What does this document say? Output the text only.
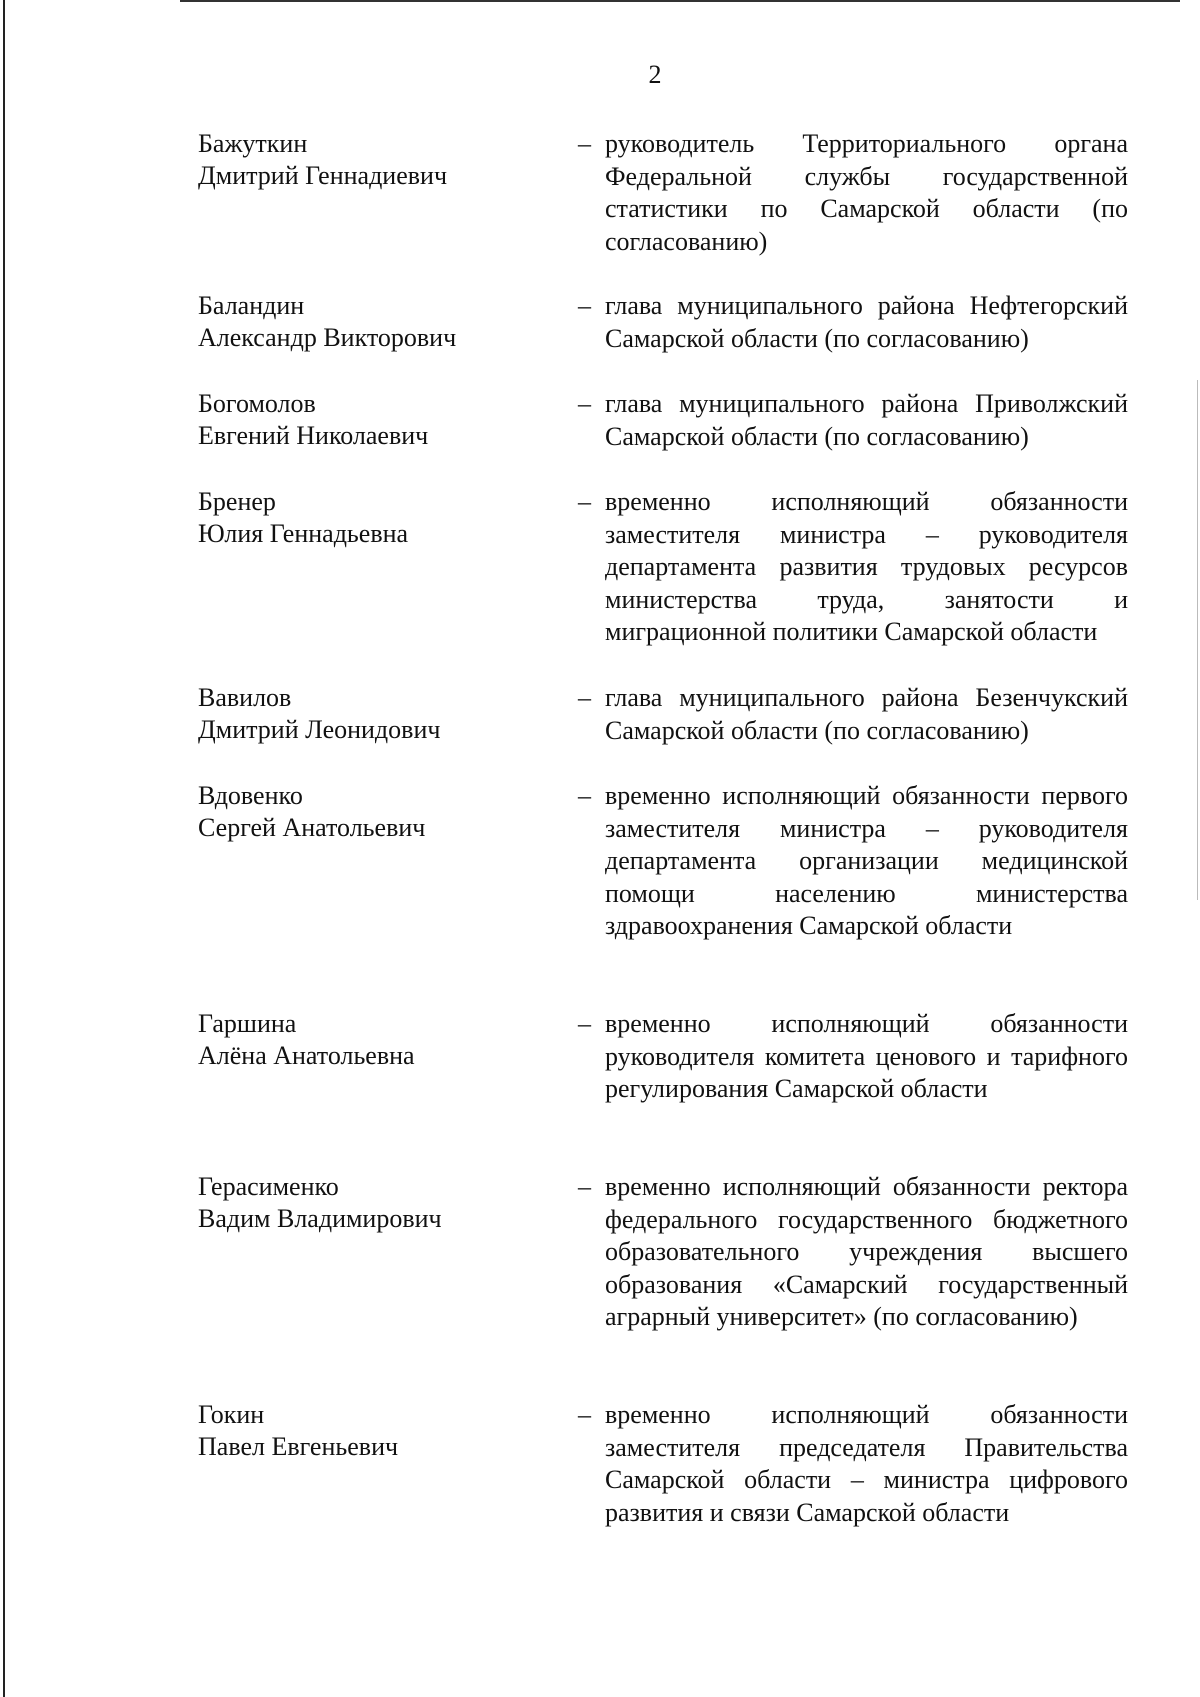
2
Бажуткин
Дмитрий Геннадиевич
– руководитель Территориального органа Федеральной службы государственной статистики по Самарской области (по согласованию)
Баландин
Александр Викторович
– глава муниципального района Нефтегорский Самарской области (по согласованию)
Богомолов
Евгений Николаевич
– глава муниципального района Приволжский Самарской области (по согласованию)
Бренер
Юлия Геннадьевна
– временно исполняющий обязанности заместителя министра – руководителя департамента развития трудовых ресурсов министерства труда, занятости и миграционной политики Самарской области
Вавилов
Дмитрий Леонидович
– глава муниципального района Безенчукский Самарской области (по согласованию)
Вдовенко
Сергей Анатольевич
– временно исполняющий обязанности первого заместителя министра – руководителя департамента организации медицинской помощи населению министерства здравоохранения Самарской области
Гаршина
Алёна Анатольевна
– временно исполняющий обязанности руководителя комитета ценового и тарифного регулирования Самарской области
Герасименко
Вадим Владимирович
– временно исполняющий обязанности ректора федерального государственного бюджетного образовательного учреждения высшего образования «Самарский государственный аграрный университет» (по согласованию)
Гокин
Павел Евгеньевич
– временно исполняющий обязанности заместителя председателя Правительства Самарской области – министра цифрового развития и связи Самарской области
